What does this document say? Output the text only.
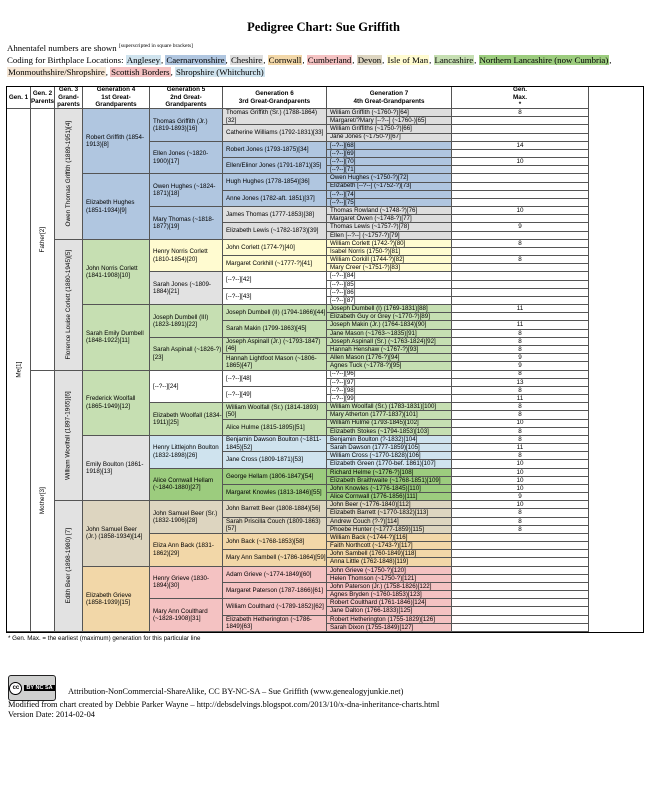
Pedigree Chart: Sue Griffith
Ahnentafel numbers are shown [superscripted in square brackets]
Coding for Birthplace Locations: Anglesey, Caernarvonshire, Cheshire, Cornwall, Cumberland, Devon, Isle of Man, Lancashire, Northern Lancashire (now Cumbria), Monmouthshire/Shropshire, Scottish Borders, Shropshire (Whitchurch)
Gen. 1
Gen. 2
Parents
Gen. 3
Grand-
parents
Generation 4
1st Great-Grandparents
Generation 5
2nd Great-Grandparents
Generation 6
3rd Great-Grandparents
Generation 7
4th Great-Grandparents
Gen.
Max.
*
Me[1]
Father[2]
Mother[3]
Owen Thomas Griffith (1889-1951)[4]
Florence Louise Corlett (1880-1945)[5]
William Woolfall (1897-1965)[6]
Edith Beer (1898-1980) [7]
Robert Griffith (1854-1913)[8]
Elizabeth Hughes (1851-1934)[9]
John Norris Corlett (1841-1908)[10]
Sarah Emily Dumbell (1848-1922)[11]
Frederick Woolfall (1865-1949)[12]
Emily Boulton (1861-1918)[13]
John Samuel Beer (Jr.) (1858-1934)[14]
Elizabeth Grieve (1858-1939)[15]
Thomas Griffith (Jr.) (1819-1893)[16]
Ellen Jones (~1820-1900)[17]
Owen Hughes (~1824-1871)[18]
Mary Thomas (~1818-1877)[19]
Henry Norris Corlett (1810-1854)[20]
Sarah Jones (~1809-1884)[21]
Joseph Dumbell (III) (1823-1891)[22]
Sarah Aspinall (~1826-?)[23]
[--?--][24]
Elizabeth Woolfall (1834-1911)[25]
Henry Littlejohn Boulton (1832-1898)[26]
Alice Cornwall Hellam (~1840-1880)[27]
John Samuel Beer (Sr.) (1832-1906)[28]
Eliza Ann Back (1831-1862)[29]
Henry Grieve (1830-1894)[30]
Mary Ann Coulthard (~1828-1908)[31]
Thomas Griffith (Sr.) (1788-1864)[32]
Catherine Williams (1792-1831)[33]
Robert Jones (1793-1875)[34]
Ellen/Elinor Jones (1791-1871)[35]
Hugh Hughes (1778-1854)[36]
Anne Jones (1782-aft. 1851)[37]
James Thomas (1777-1853)[38]
Elizabeth Lewis (~1782-1873)[39]
John Corlett (1774-?)[40]
Margaret Corkhill (~1777-?)[41]
[--?--][42]
[--?--][43]
Joseph Dumbell (II) (1794-1866)[44]
Sarah Makin (1799-1863)[45]
Joseph Aspinall (Jr.) (~1793-1847)[46]
Hannah Lightfoot Mason (~1806-1865)[47]
[--?--][48]
[--?--][49]
William Woolfall (Sr.) (1814-1893)[50]
Alice Hulme (1815-1895)[51]
Benjamin Dawson Boulton (~1811-1845)[52]
Jane Cross (1809-1871)[53]
George Hellam (1806-1847)[54]
Margaret Knowles (1813-1846)[55]
John Barrett Beer (1808-1884)[56]
Sarah Priscilla Couch (1809-1863)[57]
John Back (~1768-1853)[58]
Mary Ann Sambell (~1786-1864)[59]
Adam Grieve (~1774-1849)[60]
Margaret Paterson (1787-1866)[61]
William Coulthard (~1789-1852)[62]
Elizabeth Hetherington (~1786-1849)[63]
William Griffith (~1760-?)[64]
Margaret/?Mary [--?--] (~1760-)[65]
William Griffiths (~1750-?)[66]
Jane Jones (~1750-?)[67]
[--?--][68]
[--?--][69]
[--?--][70]
[--?--][71]
Owen Hughes (~1750-?)[72]
Elizabeth [--?--] (~1752-?)[73]
[--?--][74]
[--?--][75]
Thomas Rowland (~1748-?)[76]
Margaret Owen (~1748-?)[77]
Thomas Lewis (~1757-?)[78]
Ellen [--?--] (~1757-?)[79]
William Corlett (1742-?)[80]
Isabel Norris (1750-?)[81]
William Corkill (1744-?)[82]
Mary Creer (~1751-?)[83]
[--?--][84]
[--?--][85]
[--?--][86]
[--?--][87]
Joseph Dumbell (I) (1769-1831)[88]
Elizabeth Guy or Grey (~1770-?)[89]
Joseph Makin (Jr.) (1764-1834)[90]
Jane Mason (~1763-~1835)[91]
Joseph Aspinall (Sr.) (~1763-1824)[92]
Hannah Henshaw (~1767-?)[93]
Allen Mason (1776-?)[94]
Agnes Tuck (~1778-?)[95]
[--?--][96]
[--?--][97]
[--?--][98]
[--?--][99]
William Woolfall (Sr.) (1783-1831)[100]
Mary Atherton (1777-1837)[101]
William Hulme (1793-1845)[102]
Elizabeth Stokes (~1794-1853)[103]
Benjamin Boulton (?-1832)[104]
Sarah Dawson (1777-1859)[105]
William Cross (~1770-1828)[106]
Elizabeth Green (1770-bef. 1861)[107]
Richard Helme (~1776-?)[108]
Elizabeth Braithwaite (~1768-1851)[109]
John Knowles (~1776-1845)[110]
Alice Cornwall (1776-1856)[111]
John Beer (~1776-1840)[112]
Elizabeth Barrett (~1770-1832)[113]
Andrew Couch (?-?)[114]
Phoebe Hunter (~1777-1859)[115]
William Back (~1744-?)[116]
Faith Northcott (~1743-?)[117]
John Sambell (1760-1849)[118]
Anna Little (1762-1848)[119]
John Grieve (~1750-?)[120]
Helen Thomson (~1750-?)[121]
John Paterson (Jr.) (1758-1826)[122]
Agnes Bryden (~1760-1853)[123]
Robert Coulthard (1761-1846)[124]
Jane Dalton (1766-1833)[125]
Robert Hetherington (1755-1829)[126]
Sarah Dixon (1755-1849)[127]
8
14
10
10
9
8
8
11
11
8
8
8
9
9
8
13
8
11
8
8
10
8
8
11
8
10
10
10
10
9
10
8
8
8
* Gen. Max. = the earliest (maximum) generation for this particular line
cc	BY NC SA Attribution-NonCommercial-ShareAlike, CC BY-NC-SA – Sue Griffith (www.genealogyjunkie.net)
Modified from chart created by Debbie Parker Wayne – http://debsdelvings.blogspot.com/2013/10/x-dna-inheritance-charts.html
Version Date: 2014-02-04
